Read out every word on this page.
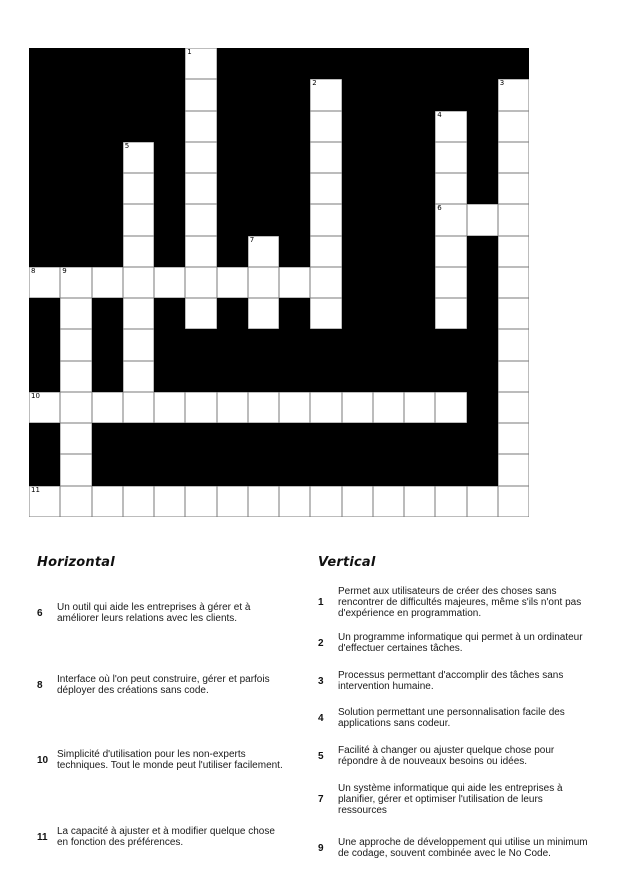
1
2	3
4
5
6
7
8	9
10
11
Horizontal	Vertical
6	Un outil qui aide les entreprises à gérer et à améliorer leurs relations avec les clients.
8	Interface où l'on peut construire, gérer et parfois déployer des créations sans code.
10 Simplicité d'utilisation pour les non-experts techniques. Tout le monde peut l'utiliser facilement.
11 La capacité à ajuster et à modifier quelque chose en fonction des préférences.
1
Permet aux utilisateurs de créer des choses sans rencontrer de difficultés majeures, même s'ils n'ont pas d'expérience en programmation.
2	Un programme informatique qui permet à un ordinateur d'effectuer certaines tâches.
3	Processus permettant d'accomplir des tâches sans intervention humaine.
4	Solution permettant une personnalisation facile des applications sans codeur.
5	Facilité à changer ou ajuster quelque chose pour répondre à de nouveaux besoins ou idées.
7
Un système informatique qui aide les entreprises à planifier, gérer et optimiser l'utilisation de leurs ressources
9	Une approche de développement qui utilise un minimum de codage, souvent combinée avec le No Code.
